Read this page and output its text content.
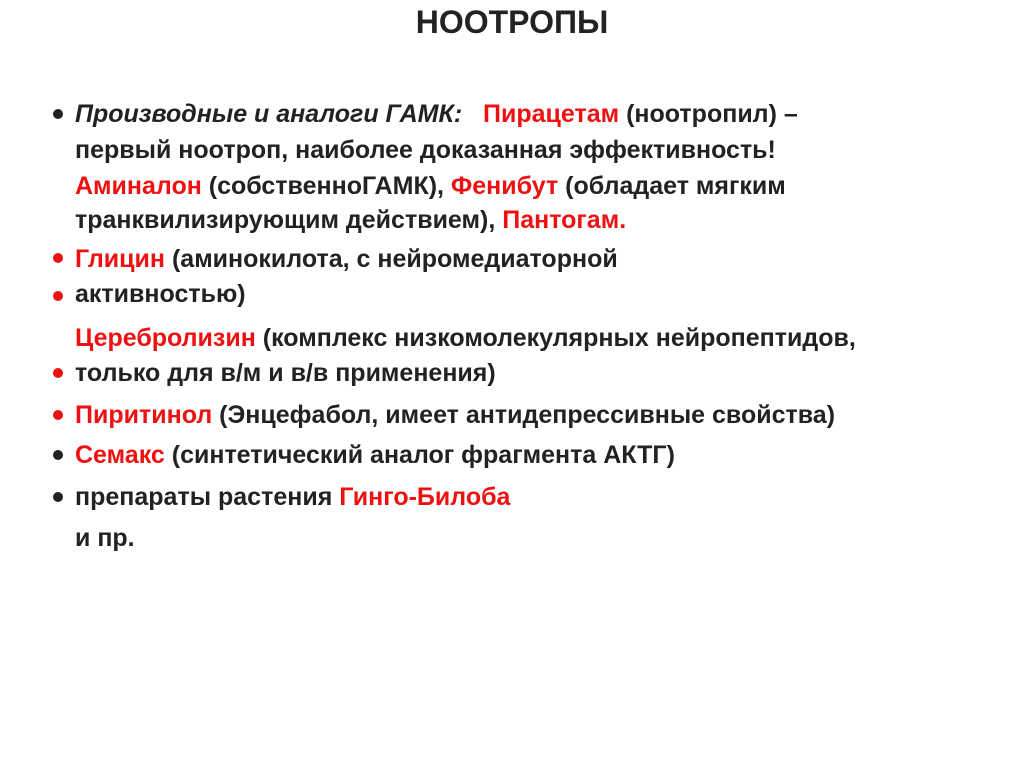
НООТРОПЫ
Производные и аналоги ГАМК: Пирацетам (ноотропил) –
первый ноотроп, наиболее доказанная эффективность!
Аминалон (собственноГАМК), Фенибут (обладает мягким
транквилизирующим действием), Пантогам.
Глицин (аминокилота, с нейромедиаторной
активностью)
Церебролизин (комплекс низкомолекулярных нейропептидов,
только для в/м и в/в применения)
Пиритинол (Энцефабол, имеет антидепрессивные свойства)
Семакс (синтетический аналог фрагмента АКТГ)
препараты растения Гинго-Билоба
и пр.
